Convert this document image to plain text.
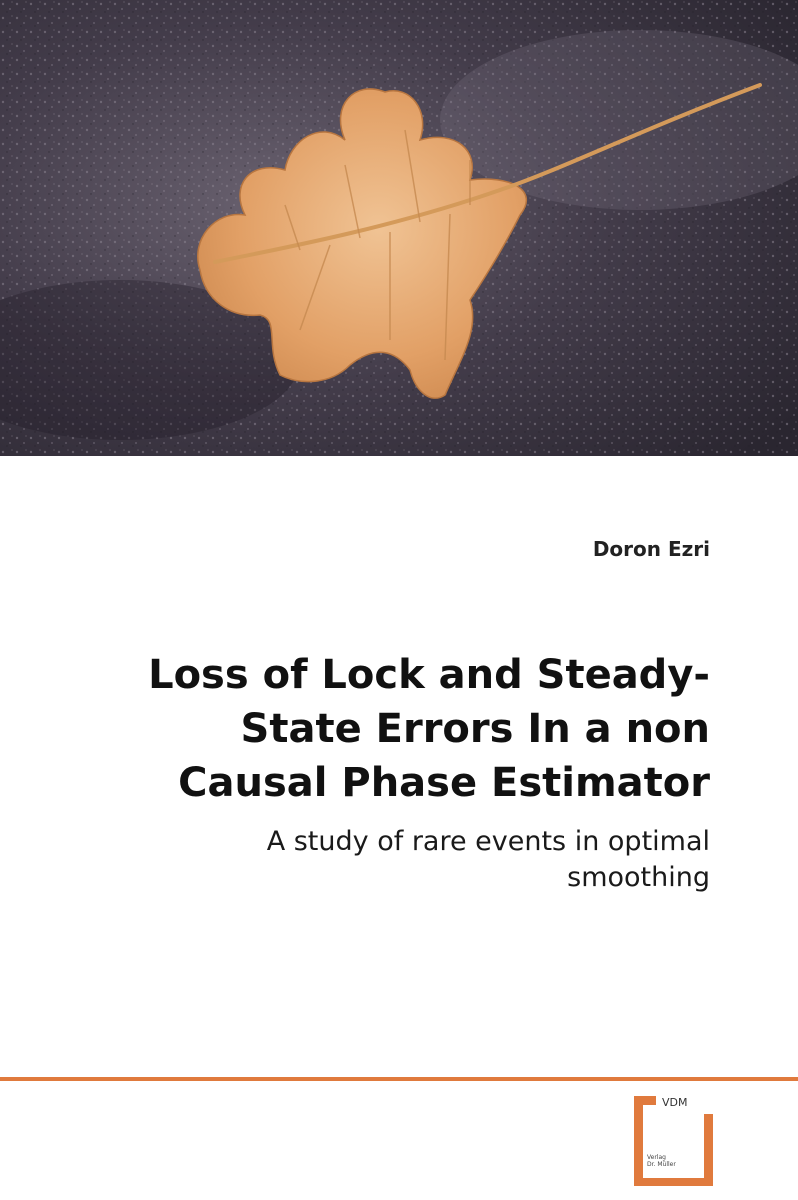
Doron Ezri
Loss of Lock and Steady-
State Errors In a non
Causal Phase Estimator
A study of rare events in optimal
smoothing
VDM
Verlag
Dr. Müller
